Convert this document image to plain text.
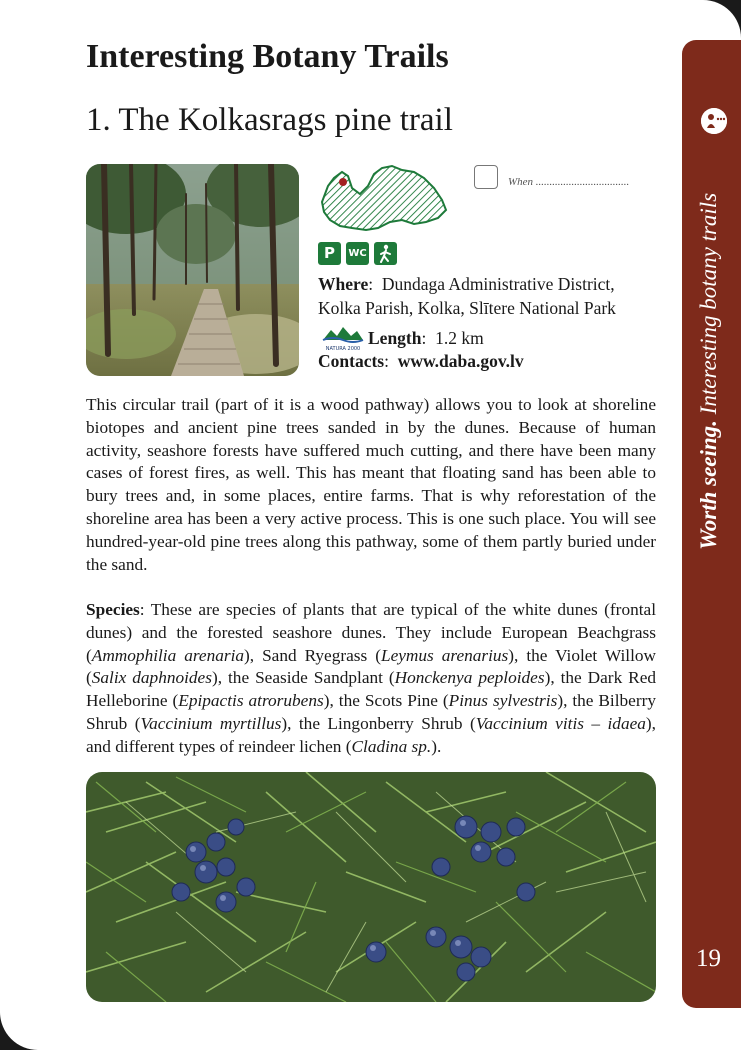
Interesting Botany Trails
1. The Kolkasrags pine trail
When ..................................
P	WC
Where:  Dundaga Administrative District,
Kolka Parish, Kolka, Slītere National Park
NATURA 2000
Length:  1.2 km
Contacts:  www.daba.gov.lv

This circular trail (part of it is a wood pathway) allows you to look at shoreline biotopes and ancient pine trees sanded in by the dunes. Because of human activity, seashore forests have suffered much cutting, and there have been many cases of forest fires, as well. This has meant that floating sand has been able to bury trees and, in some places, entire farms. That is why reforestation of the shoreline area has been a very active process. This is one such place. You will see hundred-year-old pine trees along this pathway, some of them partly buried under the sand.

Species: These are species of plants that are typical of the white dunes (frontal dunes) and the forested seashore dunes. They include European Beachgrass (Ammophilia arenaria), Sand Ryegrass (Leymus arenarius), the Violet Willow (Salix daphnoides), the Seaside Sandplant (Honckenya peploides), the Dark Red Helleborine (Epipactis atrorubens), the Scots Pine (Pinus sylvestris), the Bilberry Shrub (Vaccinium myrtillus), the Lingonberry Shrub (Vaccinium vitis – idaea), and different types of reindeer lichen (Cladina sp.).

Worth seeing. Interesting botany trails
19
